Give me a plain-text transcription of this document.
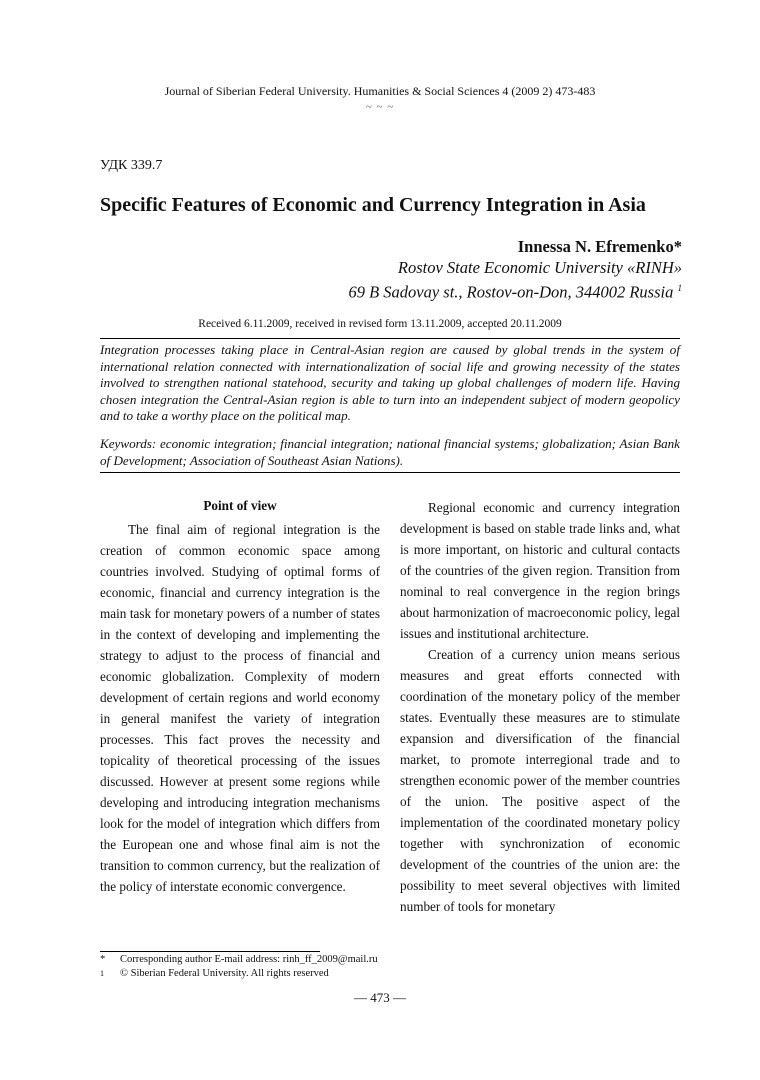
Journal of Siberian Federal University. Humanities & Social Sciences 4 (2009 2) 473-483
~ ~ ~
УДК 339.7
Specific Features of Economic and Currency Integration in Asia
Innessa N. Efremenko*
Rostov State Economic University «RINH»
69 B Sadovay st., Rostov-on-Don, 344002 Russia $^1$
Received 6.11.2009, received in revised form 13.11.2009, accepted 20.11.2009
Integration processes taking place in Central-Asian region are caused by global trends in the system of international relation connected with internationalization of social life and growing necessity of the states involved to strengthen national statehood, security and taking up global challenges of modern life. Having chosen integration the Central-Asian region is able to turn into an independent subject of modern geopolicy and to take a worthy place on the political map.
Keywords: economic integration; financial integration; national financial systems; globalization; Asian Bank of Development; Association of Southeast Asian Nations).

Point of view

The final aim of regional integration is the creation of common economic space among countries involved. Studying of optimal forms of economic, financial and currency integration is the main task for monetary powers of a number of states in the context of developing and implementing the strategy to adjust to the process of financial and economic globalization. Complexity of modern development of certain regions and world economy in general manifest the variety of integration processes. This fact proves the necessity and topicality of theoretical processing of the issues discussed. However at present some regions while developing and introducing integration mechanisms look for the model of integration which differs from the European one and whose final aim is not the transition to common currency, but the realization of the policy of interstate economic convergence.

Regional economic and currency integration development is based on stable trade links and, what is more important, on historic and cultural contacts of the countries of the given region. Transition from nominal to real convergence in the region brings about harmonization of macroeconomic policy, legal issues and institutional architecture.

Creation of a currency union means serious measures and great efforts connected with coordination of the monetary policy of the member states. Eventually these measures are to stimulate expansion and diversification of the financial market, to promote interregional trade and to strengthen economic power of the member countries of the union. The positive aspect of the implementation of the coordinated monetary policy together with synchronization of economic development of the countries of the union are: the possibility to meet several objectives with limited number of tools for monetary

* Corresponding author E-mail address: rinh_ff_2009@mail.ru
1 © Siberian Federal University. All rights reserved
— 473 —
